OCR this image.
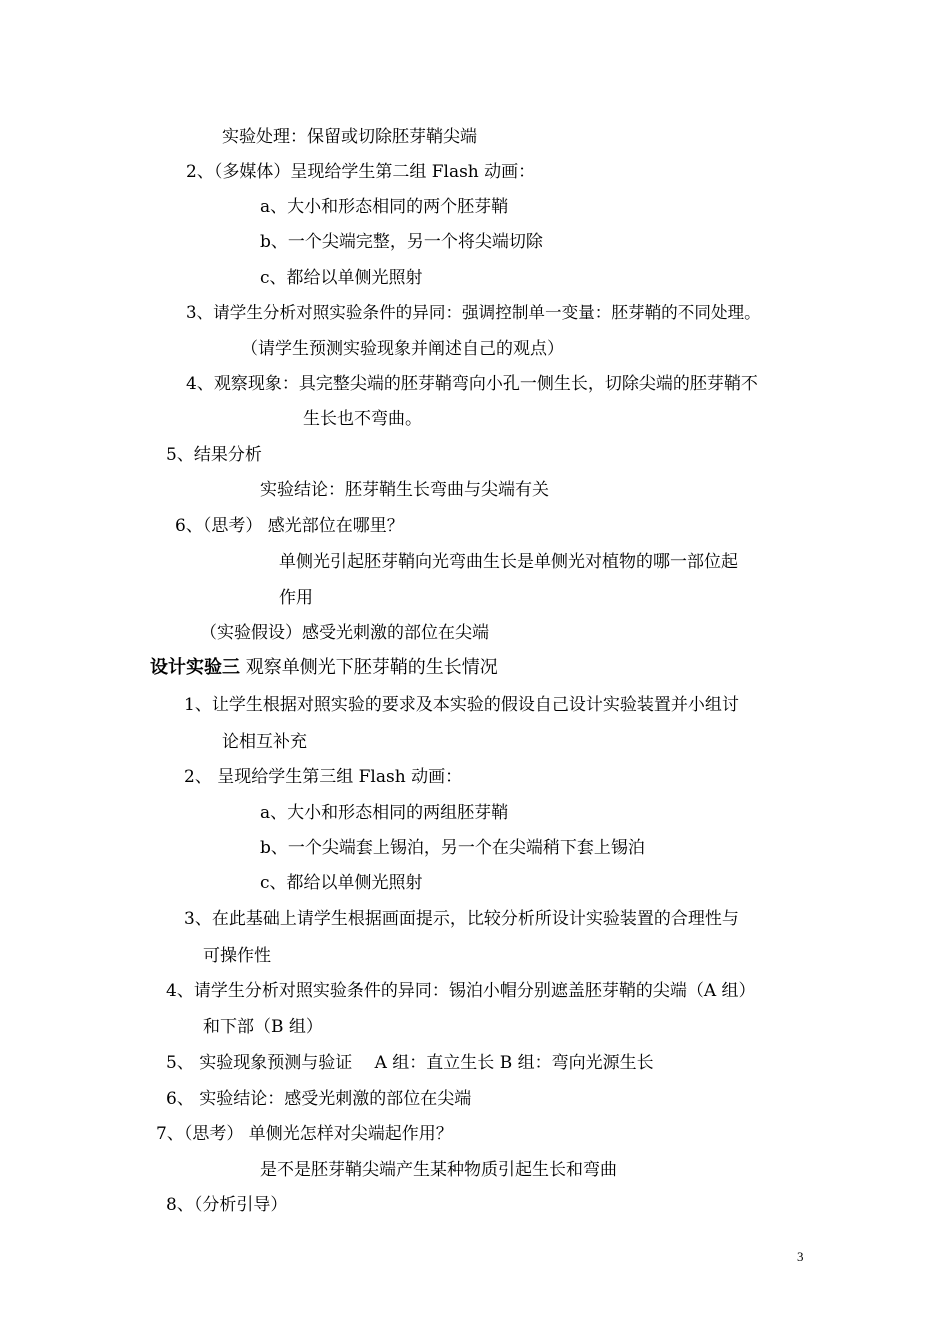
实验处理：保留或切除胚芽鞘尖端
2、（多媒体）呈现给学生第二组 Flash 动画：
a、大小和形态相同的两个胚芽鞘
b、一个尖端完整，另一个将尖端切除
c、都给以单侧光照射
3、请学生分析对照实验条件的异同：强调控制单一变量：胚芽鞘的不同处理。
（请学生预测实验现象并阐述自己的观点）
4、观察现象：具完整尖端的胚芽鞘弯向小孔一侧生长，切除尖端的胚芽鞘不
生长也不弯曲。
5、结果分析
实验结论：胚芽鞘生长弯曲与尖端有关
6、（思考） 感光部位在哪里？
单侧光引起胚芽鞘向光弯曲生长是单侧光对植物的哪一部位起
作用
（实验假设）感受光刺激的部位在尖端
设计实验三 观察单侧光下胚芽鞘的生长情况
1、让学生根据对照实验的要求及本实验的假设自己设计实验装置并小组讨
论相互补充
2、 呈现给学生第三组 Flash 动画：
a、大小和形态相同的两组胚芽鞘
b、一个尖端套上锡泊，另一个在尖端稍下套上锡泊
c、都给以单侧光照射
3、在此基础上请学生根据画面提示，比较分析所设计实验装置的合理性与
可操作性
4、请学生分析对照实验条件的异同：锡泊小帽分别遮盖胚芽鞘的尖端（A 组）
和下部（B 组）
5、 实验现象预测与验证　 A 组：直立生长 B 组：弯向光源生长
6、 实验结论：感受光刺激的部位在尖端
7、（思考） 单侧光怎样对尖端起作用？
是不是胚芽鞘尖端产生某种物质引起生长和弯曲
8、（分析引导）
3
